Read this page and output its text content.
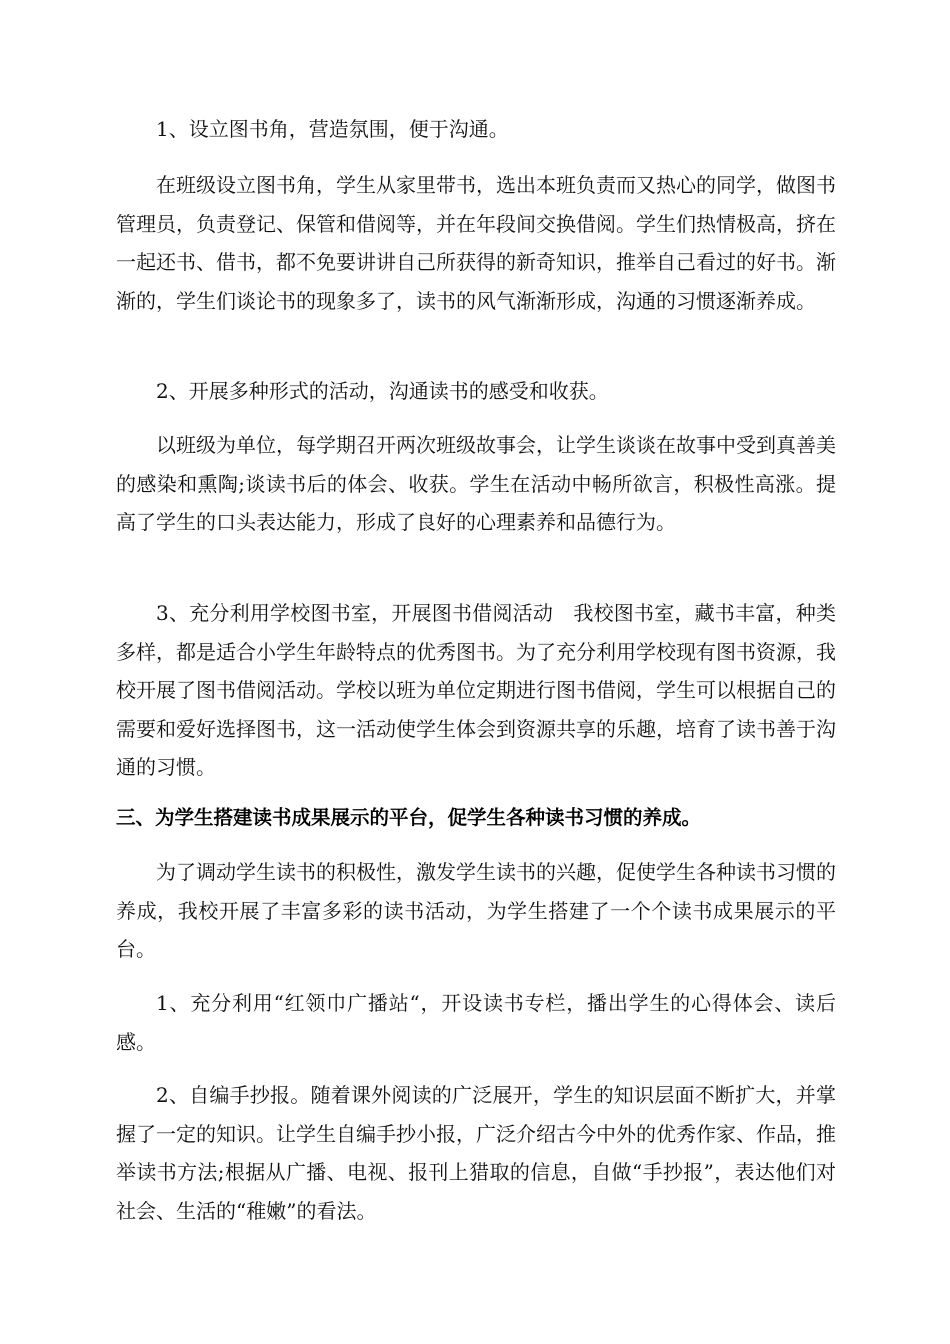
1、设立图书角，营造氛围，便于沟通。

在班级设立图书角，学生从家里带书，选出本班负责而又热心的同学，做图书管理员，负责登记、保管和借阅等，并在年段间交换借阅。学生们热情极高，挤在一起还书、借书，都不免要讲讲自己所获得的新奇知识，推举自己看过的好书。渐渐的，学生们谈论书的现象多了，读书的风气渐渐形成，沟通的习惯逐渐养成。

2、开展多种形式的活动，沟通读书的感受和收获。

以班级为单位，每学期召开两次班级故事会，让学生谈谈在故事中受到真善美的感染和熏陶;谈读书后的体会、收获。学生在活动中畅所欲言，积极性高涨。提高了学生的口头表达能力，形成了良好的心理素养和品德行为。

3、充分利用学校图书室，开展图书借阅活动　我校图书室，藏书丰富，种类多样，都是适合小学生年龄特点的优秀图书。为了充分利用学校现有图书资源，我校开展了图书借阅活动。学校以班为单位定期进行图书借阅，学生可以根据自己的需要和爱好选择图书，这一活动使学生体会到资源共享的乐趣，培育了读书善于沟通的习惯。

三、为学生搭建读书成果展示的平台，促学生各种读书习惯的养成。

为了调动学生读书的积极性，激发学生读书的兴趣，促使学生各种读书习惯的养成，我校开展了丰富多彩的读书活动，为学生搭建了一个个读书成果展示的平台。

1、充分利用“红领巾广播站“，开设读书专栏，播出学生的心得体会、读后感。

2、自编手抄报。随着课外阅读的广泛展开，学生的知识层面不断扩大，并掌握了一定的知识。让学生自编手抄小报，广泛介绍古今中外的优秀作家、作品，推举读书方法;根据从广播、电视、报刊上猎取的信息，自做“手抄报”，表达他们对社会、生活的“稚嫩”的看法。
